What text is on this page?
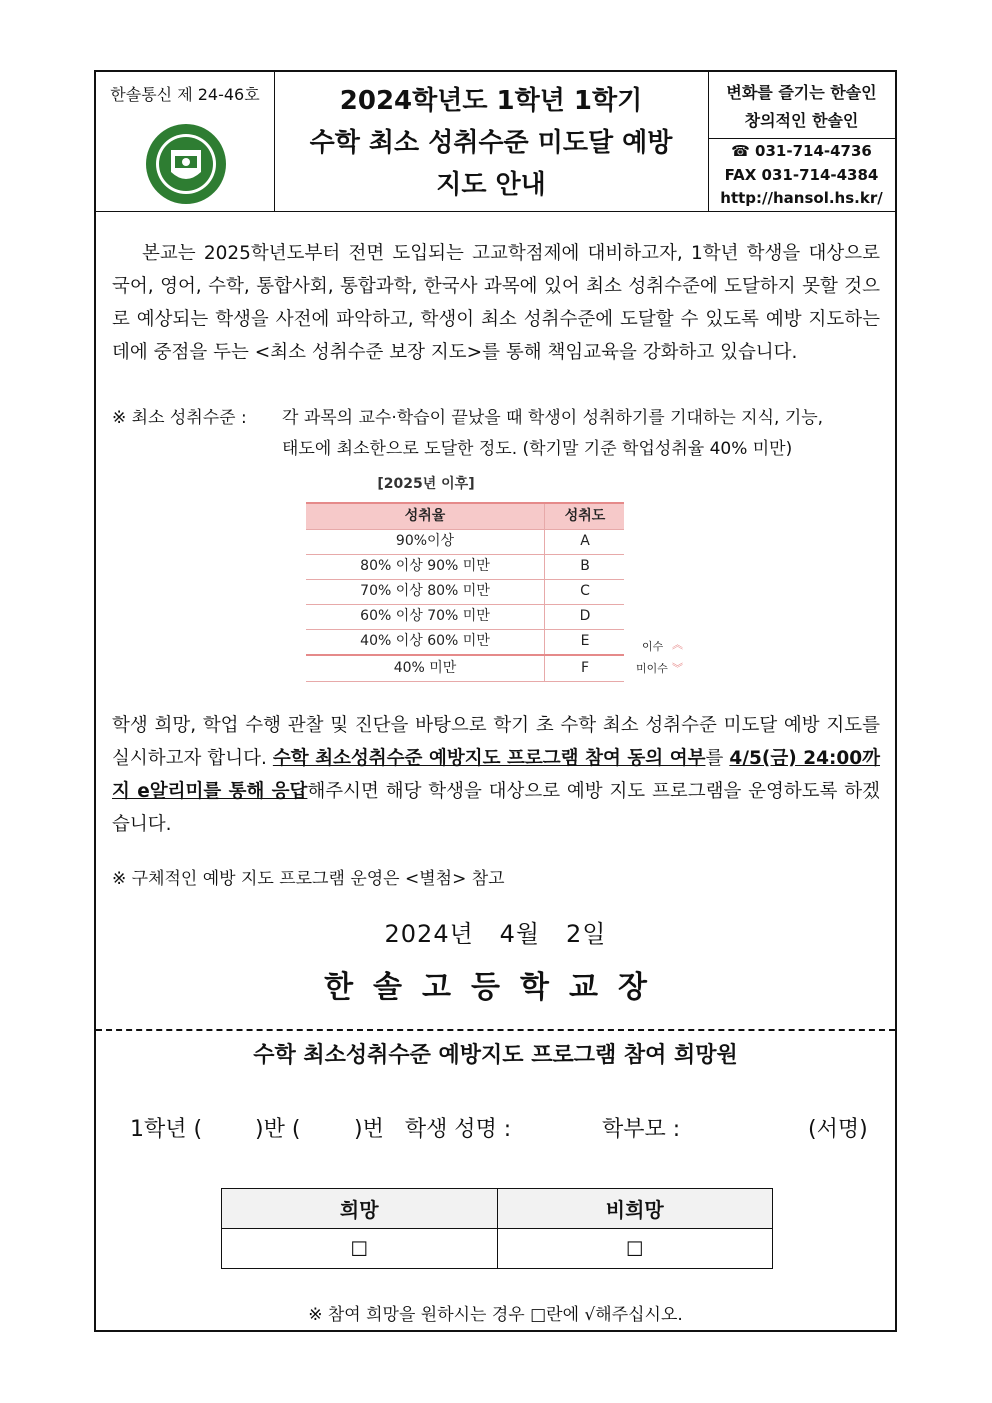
한솔통신 제 24-46호	2024학년도 1학년 1학기
수학 최소 성취수준 미도달 예방
지도 안내
변화를 즐기는 한솔인
창의적인 한솔인
☎ 031-714-4736
FAX 031-714-4384
http://hansol.hs.kr/
본교는 2025학년도부터 전면 도입되는 고교학점제에 대비하고자, 1학년 학생을 대상으로 국어, 영어, 수학, 통합사회, 통합과학, 한국사 과목에 있어 최소 성취수준에 도달하지 못할 것으로 예상되는 학생을 사전에 파악하고, 학생이 최소 성취수준에 도달할 수 있도록 예방 지도하는 데에 중점을 두는 <최소 성취수준 보장 지도>를 통해 책임교육을 강화하고 있습니다.
※ 최소 성취수준 : 각 과목의 교수·학습이 끝났을 때 학생이 성취하기를 기대하는 지식, 기능,
태도에 최소한으로 도달한 정도. (학기말 기준 학업성취율 40% 미만)
[2025년 이후]
성취율	성취도
90%이상	A
80% 이상 90% 미만	B
70% 이상 80% 미만	C
60% 이상 70% 미만	D
40% 이상 60% 미만	E
40% 미만	F
이수 ︽
미이수 ︾
학생 희망, 학업 수행 관찰 및 진단을 바탕으로 학기 초 수학 최소 성취수준 미도달 예방 지도를 실시하고자 합니다. 수학 최소성취수준 예방지도 프로그램 참여 동의 여부를 4/5(금) 24:00까지 e알리미를 통해 응답해주시면 해당 학생을 대상으로 예방 지도 프로그램을 운영하도록 하겠습니다.
※ 구체적인 예방 지도 프로그램 운영은 <별첨> 참고
2024년   4월   2일
한솔고등학교장
수학 최소성취수준 예방지도 프로그램 참여 희망원
1학년 ( )반 ( )번   학생 성명 :	학부모 :	(서명)
희망	비희망
☐	☐
※ 참여 희망을 원하시는 경우 □란에 √해주십시오.
